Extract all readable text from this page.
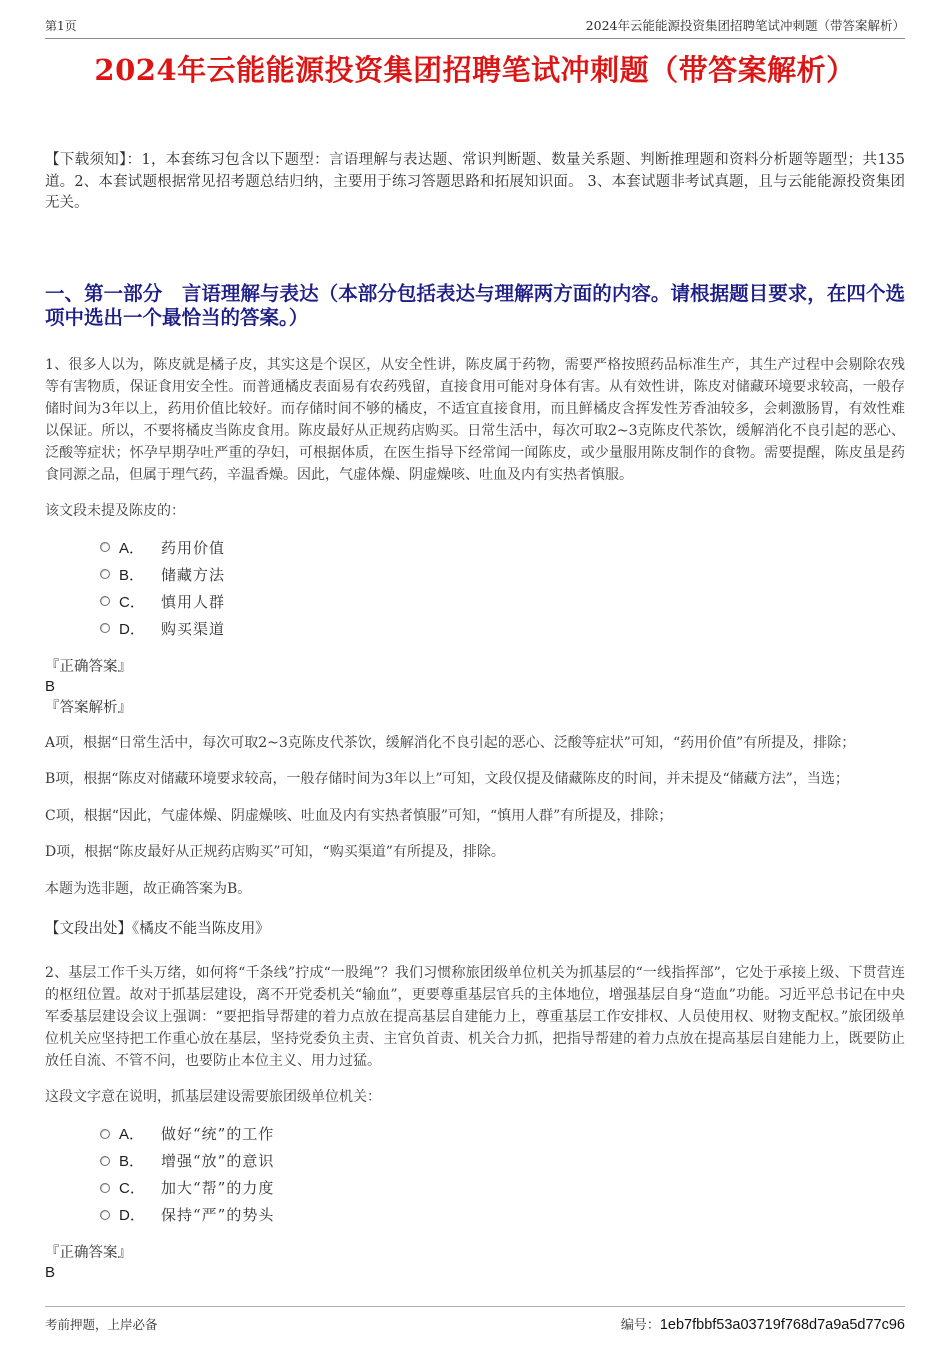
第1页	2024年云能能源投资集团招聘笔试冲刺题（带答案解析）
2024年云能能源投资集团招聘笔试冲刺题（带答案解析）

【下载须知】：1，本套练习包含以下题型：言语理解与表达题、常识判断题、数量关系题、判断推理题和资料分析题等题型；共135道。2、本套试题根据常见招考题总结归纳，主要用于练习答题思路和拓展知识面。 3、本套试题非考试真题，且与云能能源投资集团无关。

一、第一部分　言语理解与表达（本部分包括表达与理解两方面的内容。请根据题目要求，在四个选项中选出一个最恰当的答案。）

1、很多人以为，陈皮就是橘子皮，其实这是个误区，从安全性讲，陈皮属于药物，需要严格按照药品标准生产，其生产过程中会剔除农残等有害物质，保证食用安全性。而普通橘皮表面易有农药残留，直接食用可能对身体有害。从有效性讲，陈皮对储藏环境要求较高，一般存储时间为3年以上，药用价值比较好。而存储时间不够的橘皮，不适宜直接食用，而且鲜橘皮含挥发性芳香油较多，会刺激肠胃，有效性难以保证。所以，不要将橘皮当陈皮食用。陈皮最好从正规药店购买。日常生活中，每次可取2~3克陈皮代茶饮，缓解消化不良引起的恶心、泛酸等症状；怀孕早期孕吐严重的孕妇，可根据体质，在医生指导下经常闻一闻陈皮，或少量服用陈皮制作的食物。需要提醒，陈皮虽是药食同源之品，但属于理气药，辛温香燥。因此，气虚体燥、阴虚燥咳、吐血及内有实热者慎服。

该文段未提及陈皮的：

A．	药用价值
B．	储藏方法
C．	慎用人群
D．	购买渠道
『正确答案』
B
『答案解析』

A项，根据“日常生活中，每次可取2~3克陈皮代茶饮，缓解消化不良引起的恶心、泛酸等症状”可知，“药用价值”有所提及，排除；

B项，根据“陈皮对储藏环境要求较高，一般存储时间为3年以上”可知，文段仅提及储藏陈皮的时间，并未提及“储藏方法”，当选；

C项，根据“因此，气虚体燥、阴虚燥咳、吐血及内有实热者慎服”可知，“慎用人群”有所提及，排除；

D项，根据“陈皮最好从正规药店购买”可知，“购买渠道”有所提及，排除。

本题为选非题，故正确答案为B。

【文段出处】《橘皮不能当陈皮用》

2、基层工作千头万绪，如何将“千条线”拧成“一股绳”？我们习惯称旅团级单位机关为抓基层的“一线指挥部”，它处于承接上级、下贯营连的枢纽位置。故对于抓基层建设，离不开党委机关“输血”，更要尊重基层官兵的主体地位，增强基层自身“造血”功能。习近平总书记在中央军委基层建设会议上强调：“要把指导帮建的着力点放在提高基层自建能力上，尊重基层工作安排权、人员使用权、财物支配权。”旅团级单位机关应坚持把工作重心放在基层，坚持党委负主责、主官负首责、机关合力抓，把指导帮建的着力点放在提高基层自建能力上，既要防止放任自流、不管不问，也要防止本位主义、用力过猛。

这段文字意在说明，抓基层建设需要旅团级单位机关：

A．	做好“统”的工作
B．	增强“放”的意识
C．	加大“帮”的力度
D．	保持“严”的势头
『正确答案』
B
考前押题，上岸必备	编号：1eb7fbbf53a03719f768d7a9a5d77c96
